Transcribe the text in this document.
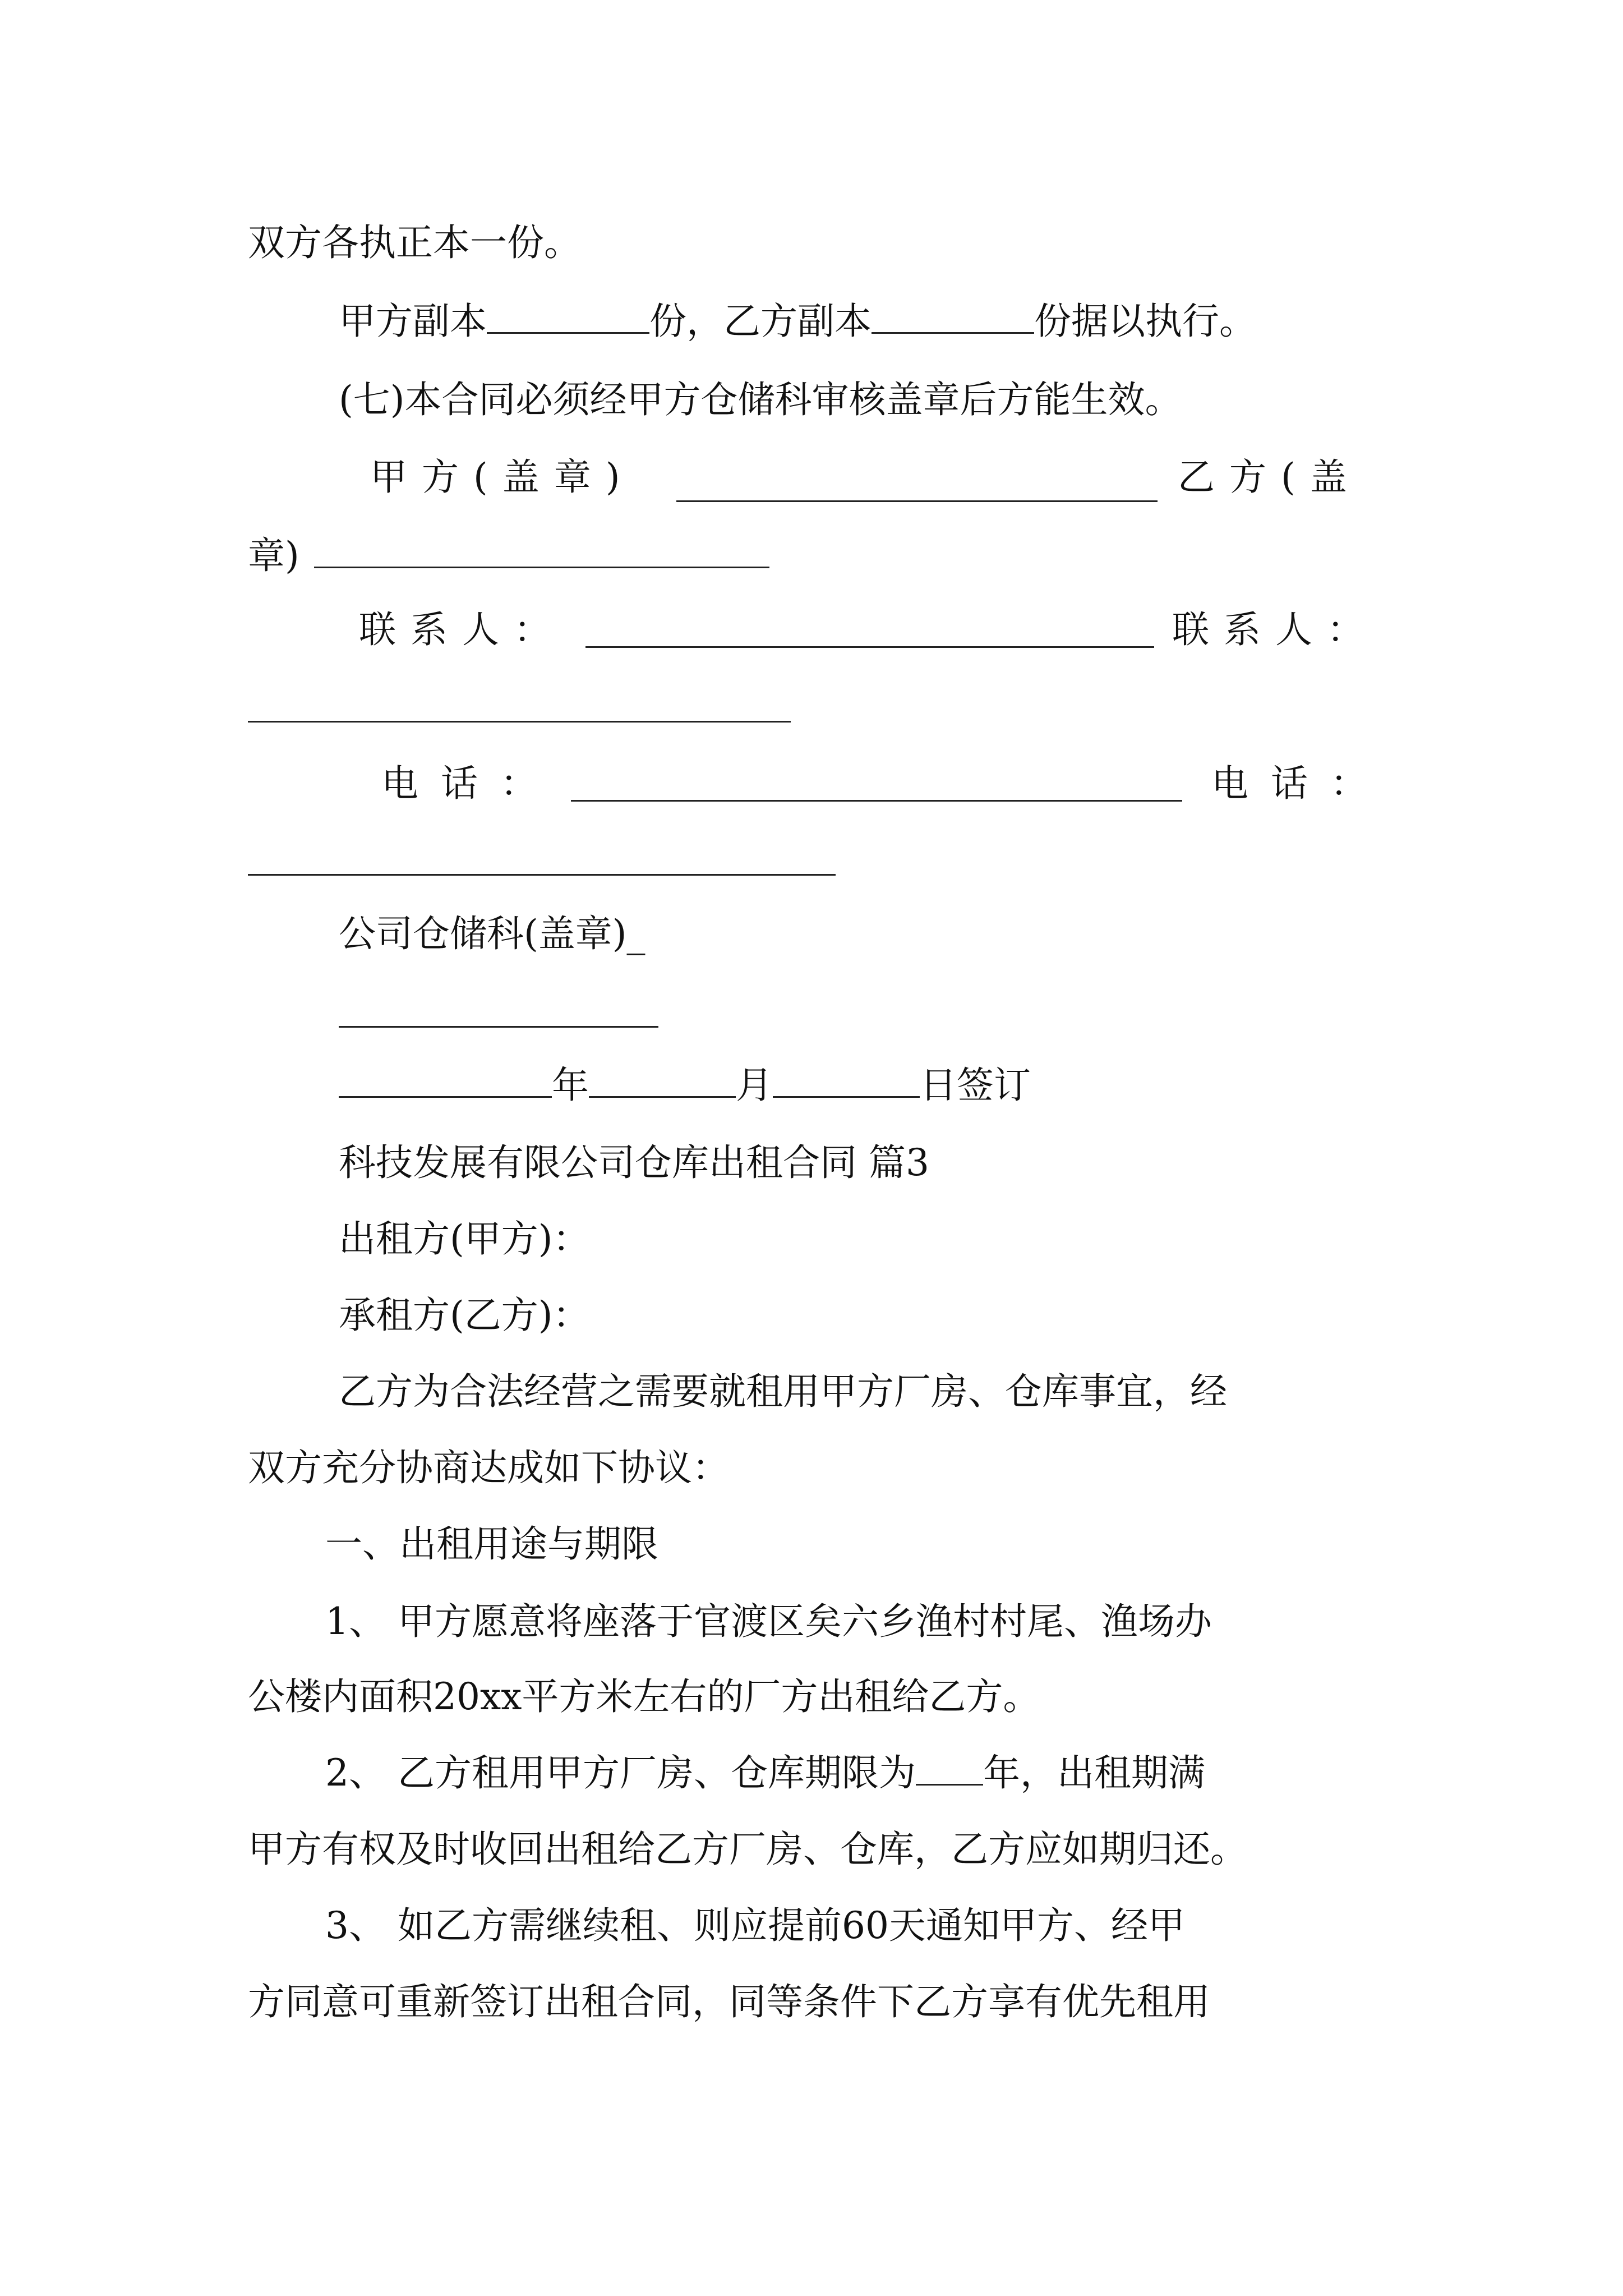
双方各执正本一份。
甲方副本	份，乙方副本	份据以执行。
(七)本合同必须经甲方仓储科审核盖章后方能生效。
甲方(盖章)	乙方(盖
章)
联系人：	联系人：
电话：	电话：
公司仓储科(盖章)_
年	月	日签订
科技发展有限公司仓库出租合同 篇3
出租方(甲方)：
承租方(乙方)：
乙方为合法经营之需要就租用甲方厂房、仓库事宜，经
双方充分协商达成如下协议：
一、出租用途与期限
1、 甲方愿意将座落于官渡区矣六乡渔村村尾、渔场办
公楼内面积20xx平方米左右的厂方出租给乙方。
2、 乙方租用甲方厂房、仓库期限为 年，出租期满
甲方有权及时收回出租给乙方厂房、仓库，乙方应如期归还。
3、 如乙方需继续租、则应提前60天通知甲方、经甲
方同意可重新签订出租合同，同等条件下乙方享有优先租用
